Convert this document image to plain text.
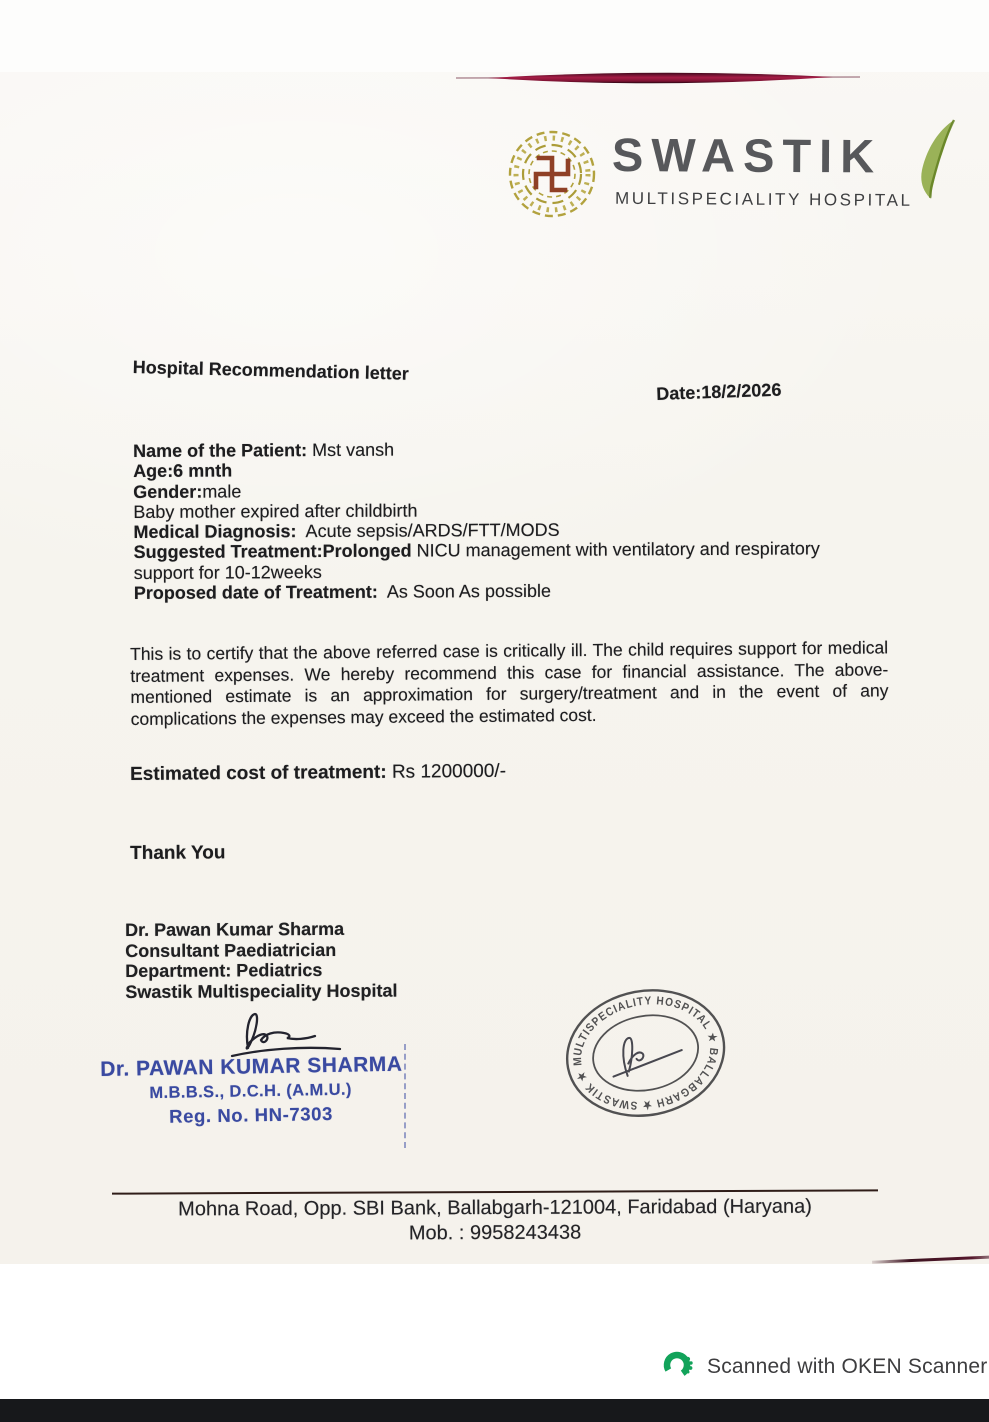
SWASTIK
MULTISPECIALITY HOSPITAL
Hospital Recommendation letter
Date:18/2/2026
Name of the Patient: Mst vansh
Age:6 mnth
Gender:male
Baby mother expired after childbirth
Medical Diagnosis:  Acute sepsis/ARDS/FTT/MODS
Suggested Treatment:Prolonged NICU management with ventilatory and respiratory support for 10-12weeks
Proposed date of Treatment:  As Soon As possible
This is to certify that the above referred case is critically ill. The child requires support for medical treatment expenses. We hereby recommend this case for financial assistance. The above-mentioned estimate is an approximation for surgery/treatment and in the event of any complications the expenses may exceed the estimated cost.
Estimated cost of treatment: Rs 1200000/-
Thank You
Dr. Pawan Kumar Sharma
Consultant Paediatrician
Department: Pediatrics
Swastik Multispeciality Hospital
Dr. PAWAN KUMAR SHARMA
M.B.B.S., D.C.H. (A.M.U.)
Reg. No. HN-7303
MULTISPECIALITY HOSPITAL ★ BALLABGARH ★ SWASTIK ★
Mohna Road, Opp. SBI Bank, Ballabgarh-121004, Faridabad (Haryana)
Mob. : 9958243438
Scanned with OKEN Scanner
